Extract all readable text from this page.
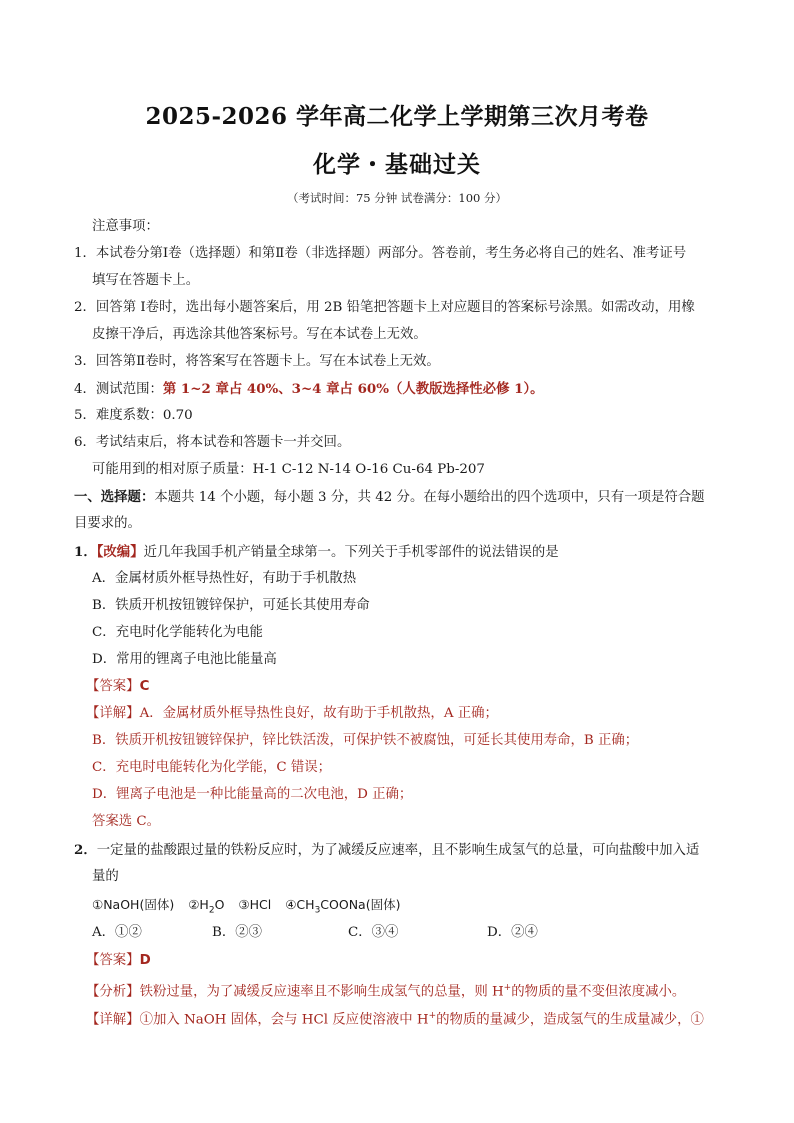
2025-2026 学年高二化学上学期第三次月考卷
化学・基础过关
（考试时间：75 分钟 试卷满分：100 分）
注意事项：
1．本试卷分第Ⅰ卷（选择题）和第Ⅱ卷（非选择题）两部分。答卷前，考生务必将自己的姓名、准考证号
填写在答题卡上。
2．回答第 Ⅰ卷时，选出每小题答案后，用 2B 铅笔把答题卡上对应题目的答案标号涂黑。如需改动，用橡
皮擦干净后，再选涂其他答案标号。写在本试卷上无效。
3．回答第Ⅱ卷时，将答案写在答题卡上。写在本试卷上无效。
4．测试范围：第 1~2 章占 40%、3~4 章占 60%（人教版选择性必修 1）。
5．难度系数：0.70
6．考试结束后，将本试卷和答题卡一并交回。
可能用到的相对原子质量：H-1 C-12 N-14 O-16 Cu-64 Pb-207
一、选择题：本题共 14 个小题，每小题 3 分，共 42 分。在每小题给出的四个选项中，只有一项是符合题
目要求的。
1．【改编】近几年我国手机产销量全球第一。下列关于手机零部件的说法错误的是
A．金属材质外框导热性好，有助于手机散热
B．铁质开机按钮镀锌保护，可延长其使用寿命
C．充电时化学能转化为电能
D．常用的锂离子电池比能量高
【答案】C
【详解】A．金属材质外框导热性良好，故有助于手机散热，A 正确；
B．铁质开机按钮镀锌保护，锌比铁活泼，可保护铁不被腐蚀，可延长其使用寿命，B 正确；
C．充电时电能转化为化学能，C 错误；
D．锂离子电池是一种比能量高的二次电池，D 正确；
答案选 C。
2．一定量的盐酸跟过量的铁粉反应时，为了减缓反应速率，且不影响生成氢气的总量，可向盐酸中加入适
量的
①NaOH(固体) $②H_2O$ ③HCl $④CH_3COONa$(固体)
A．①②	B．②③	C．③④	D．②④
【答案】D
【分析】铁粉过量，为了减缓反应速率且不影响生成氢气的总量，则 H+的物质的量不变但浓度减小。
【详解】①加入 NaOH 固体，会与 HCl 反应使溶液中 H+的物质的量减少，造成氢气的生成量减少，①
